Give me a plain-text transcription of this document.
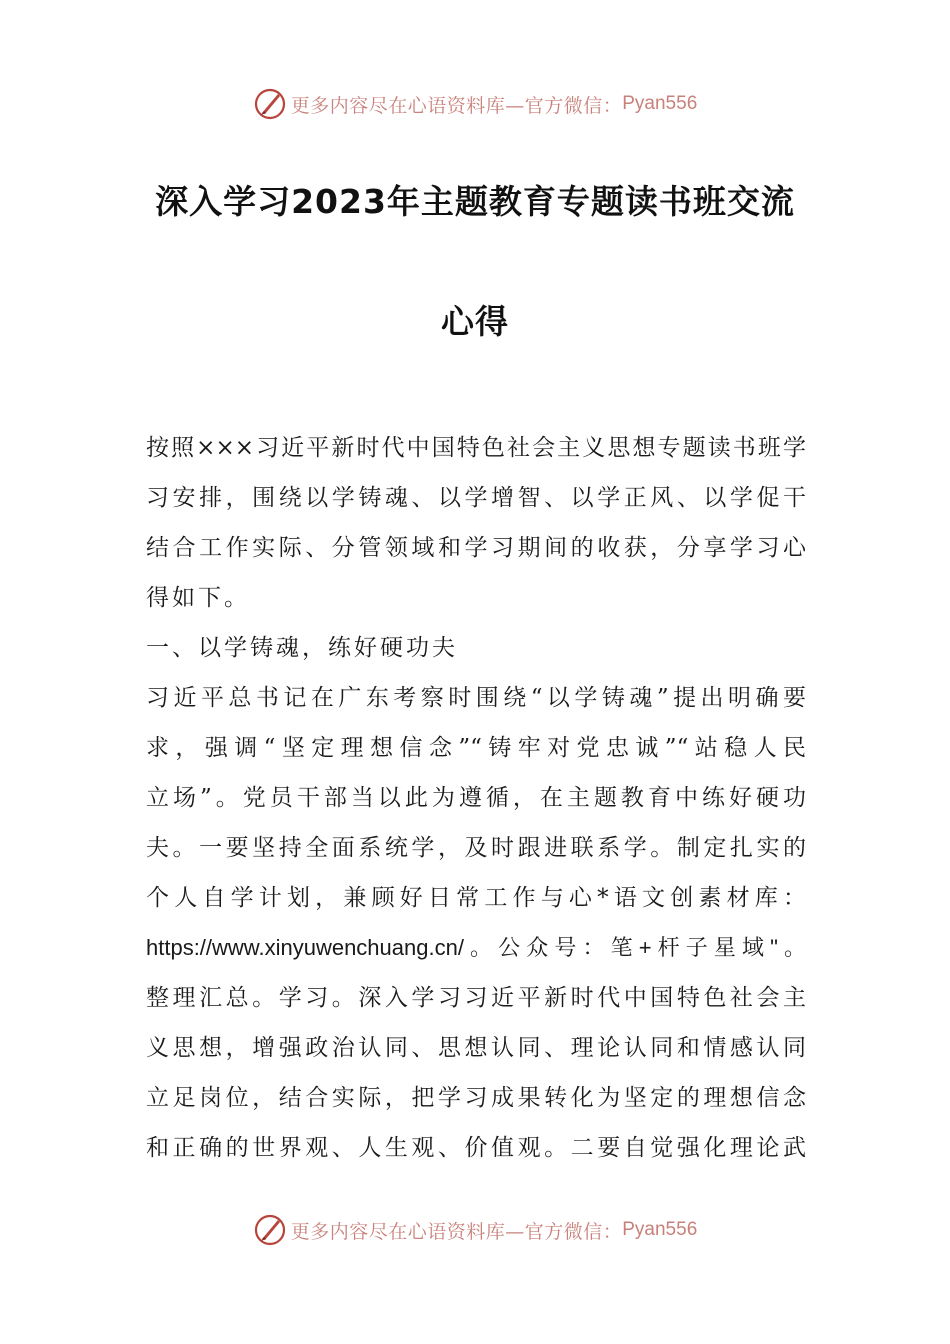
更多内容尽在心语资料库—官方微信： Pyan556
深入学习2023年主题教育专题读书班交流
心得
按照×××习近平新时代中国特色社会主义思想专题读书班学
习安排，围绕以学铸魂、以学增智、以学正风、以学促干
结合工作实际、分管领域和学习期间的收获，分享学习心
得如下。
一、以学铸魂，练好硬功夫
习近平总书记在广东考察时围绕“以学铸魂”提出明确要
求，强调“坚定理想信念”“铸牢对党忠诚”“站稳人民
立场”。党员干部当以此为遵循，在主题教育中练好硬功
夫。一要坚持全面系统学，及时跟进联系学。制定扎实的
个人自学计划，兼顾好日常工作与心*语文创素材库：
https://www.xinyuwenchuang.cn/。公众号：笔+杆子星域"。
整理汇总。学习。深入学习习近平新时代中国特色社会主
义思想，增强政治认同、思想认同、理论认同和情感认同
立足岗位，结合实际，把学习成果转化为坚定的理想信念
和正确的世界观、人生观、价值观。二要自觉强化理论武
更多内容尽在心语资料库—官方微信： Pyan556
